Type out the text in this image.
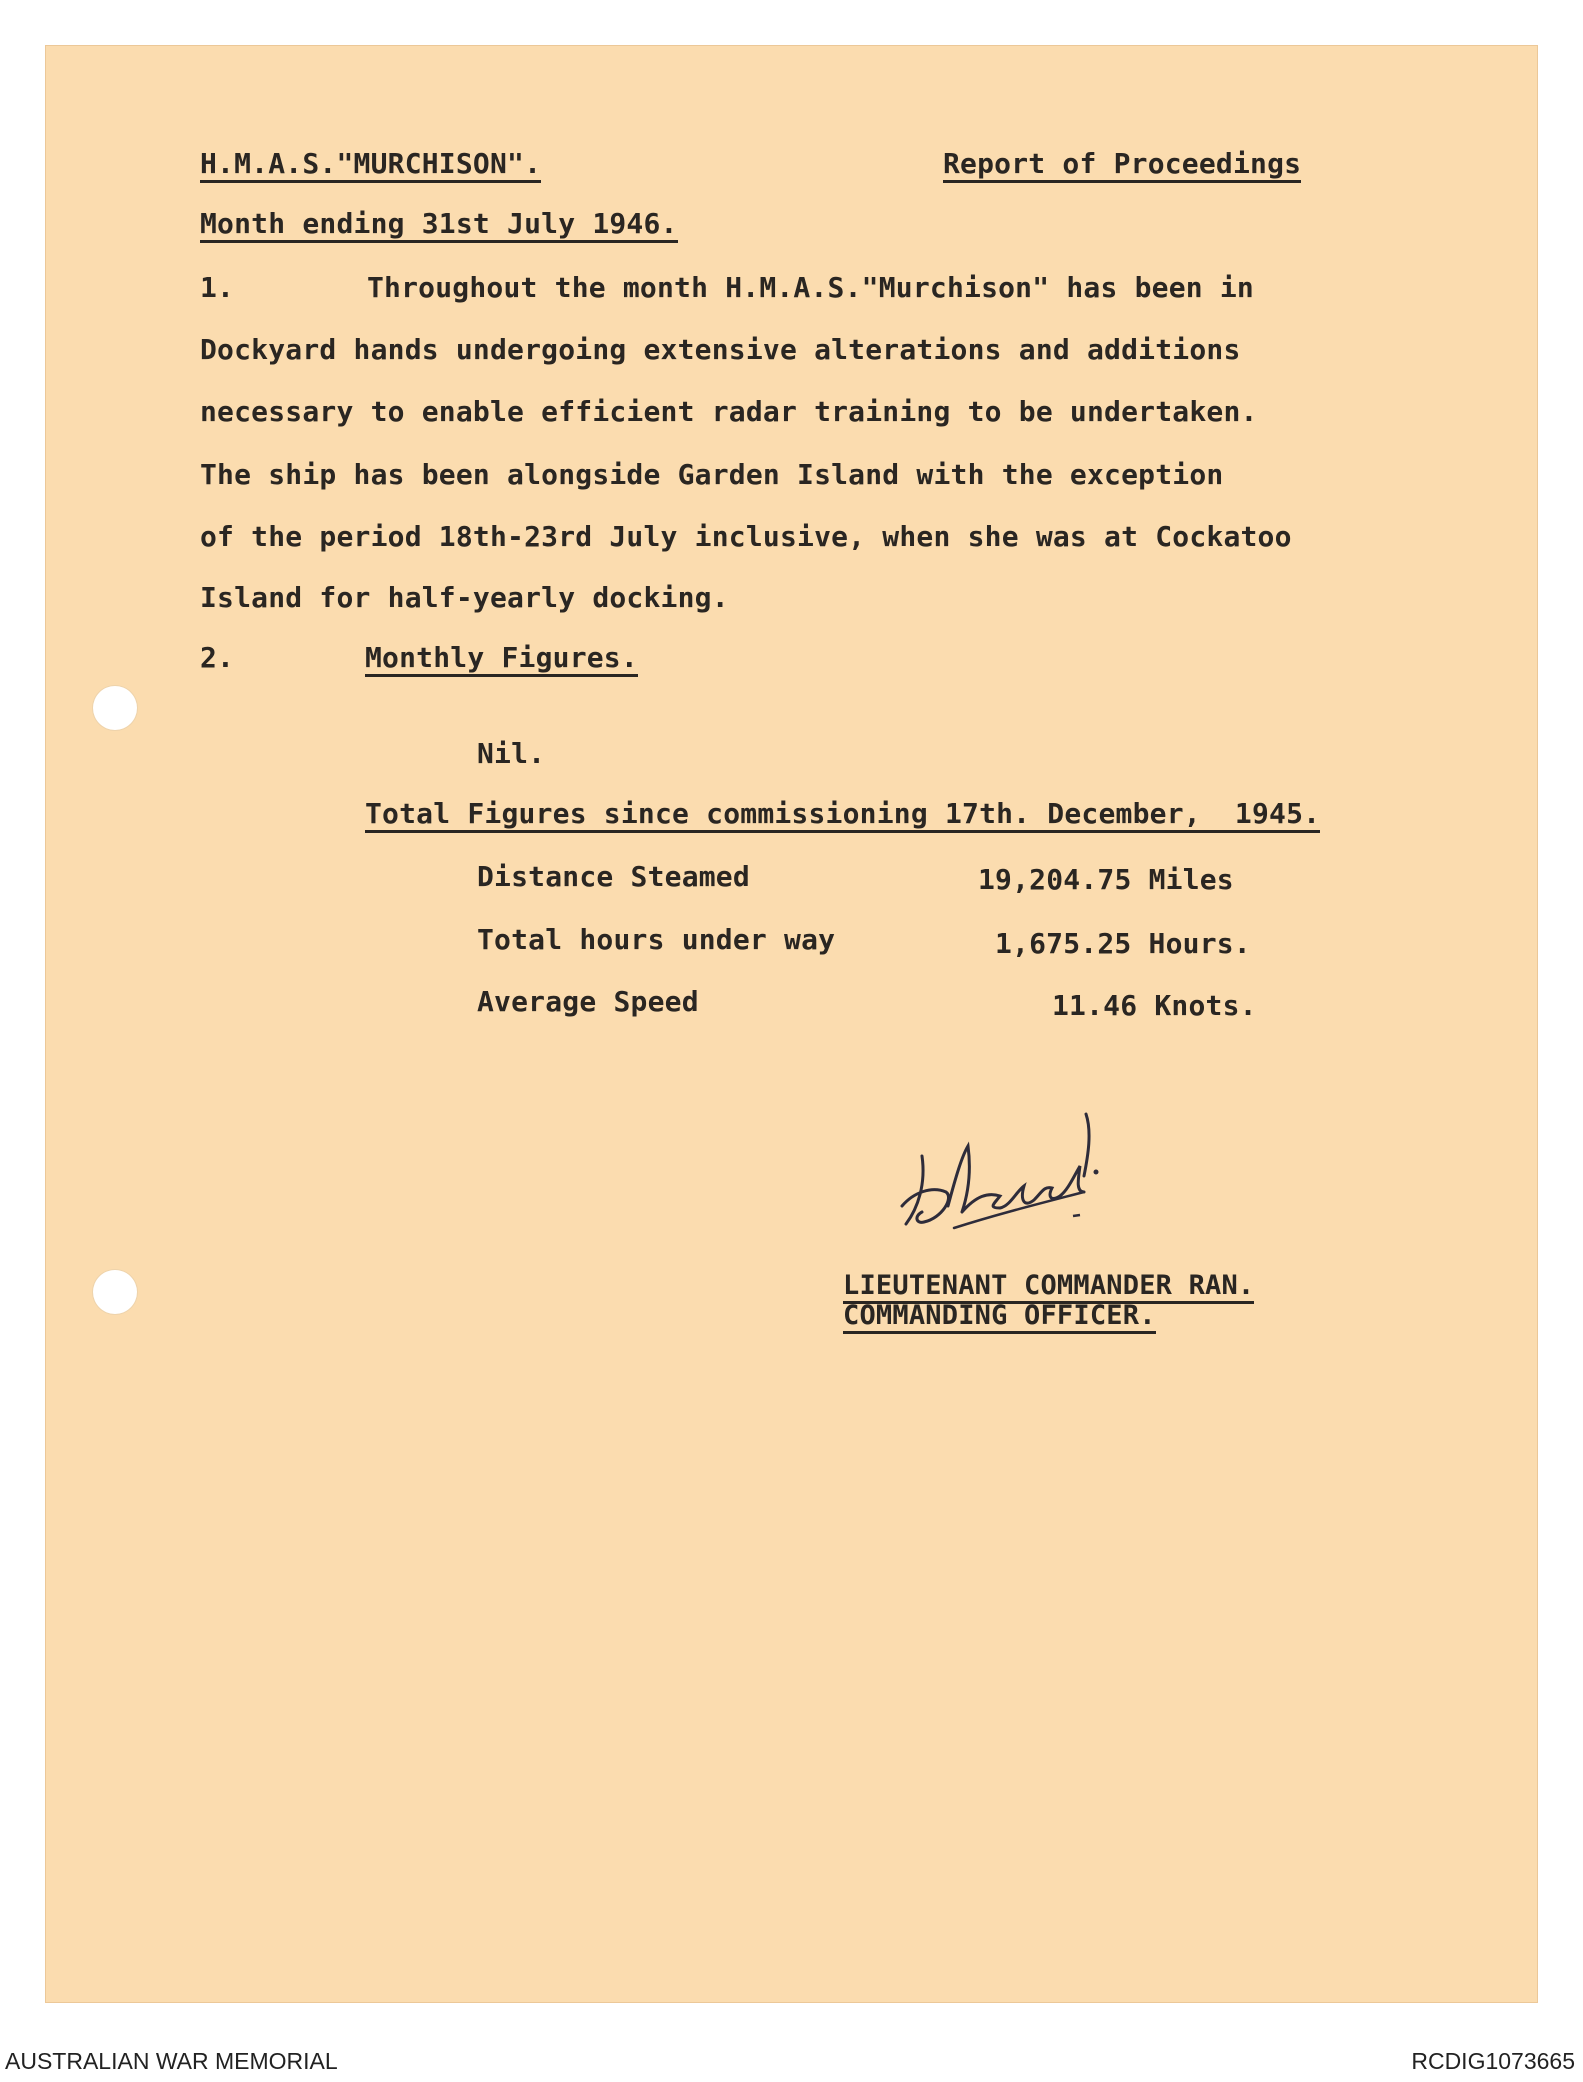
H.M.A.S."MURCHISON".	Report of Proceedings
Month ending 31st July 1946.
1.	Throughout the month H.M.A.S."Murchison" has been in
Dockyard hands undergoing extensive alterations and additions
necessary to enable efficient radar training to be undertaken.
The ship has been alongside Garden Island with the exception
of the period 18th-23rd July inclusive, when she was at Cockatoo
Island for half-yearly docking.
2.	Monthly Figures.
Nil.
Total Figures since commissioning 17th. December,  1945.
Distance Steamed	19,204.75 Miles
Total hours under way	1,675.25 Hours.
Average Speed	11.46 Knots.
LIEUTENANT COMMANDER RAN.
COMMANDING OFFICER.
AUSTRALIAN WAR MEMORIAL	RCDIG1073665
